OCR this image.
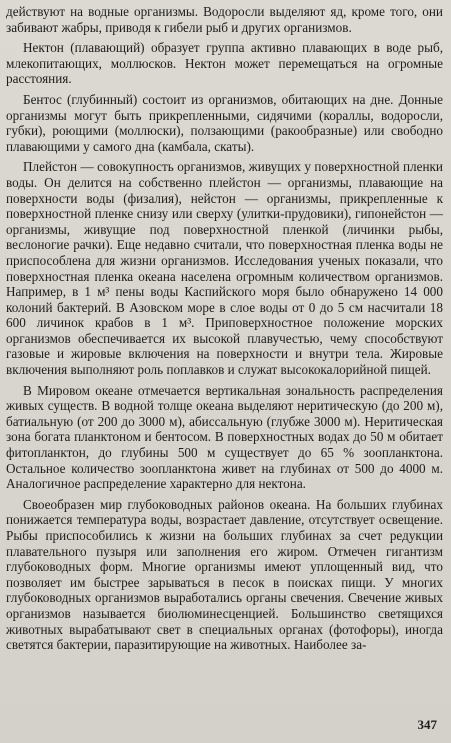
действуют на водные организмы. Водоросли выделяют яд, кроме того, они забивают жабры, приводя к гибели рыб и других организмов.

Нектон (плавающий) образует группа активно плавающих в воде рыб, млекопитающих, моллюсков. Нектон может перемещаться на огромные расстояния.

Бентос (глубинный) состоит из организмов, обитающих на дне. Донные организмы могут быть прикрепленными, сидячими (кораллы, водоросли, губки), роющими (моллюски), ползающими (ракообразные) или свободно плавающими у самого дна (камбала, скаты).

Плейстон — совокупность организмов, живущих у поверхностной пленки воды. Он делится на собственно плейстон — организмы, плавающие на поверхности воды (физалия), нейстон — организмы, прикрепленные к поверхностной пленке снизу или сверху (улитки-прудовики), гипонейстон — организмы, живущие под поверхностной пленкой (личинки рыбы, веслоногие рачки). Еще недавно считали, что поверхностная пленка воды не приспособлена для жизни организмов. Исследования ученых показали, что поверхностная пленка океана населена огромным количеством организмов. Например, в 1 м³ пены воды Каспийского моря было обнаружено 14 000 колоний бактерий. В Азовском море в слое воды от 0 до 5 см насчитали 18 600 личинок крабов в 1 м³. Приповерхностное положение морских организмов обеспечивается их высокой плавучестью, чему способствуют газовые и жировые включения на поверхности и внутри тела. Жировые включения выполняют роль поплавков и служат высококалорийной пищей.

В Мировом океане отмечается вертикальная зональность распределения живых существ. В водной толще океана выделяют неритическую (до 200 м), батиальную (от 200 до 3000 м), абиссальную (глубже 3000 м). Неритическая зона богата планктоном и бентосом. В поверхностных водах до 50 м обитает фитопланктон, до глубины 500 м существует до 65 % зоопланктона. Остальное количество зоопланктона живет на глубинах от 500 до 4000 м. Аналогичное распределение характерно для нектона.

Своеобразен мир глубоководных районов океана. На больших глубинах понижается температура воды, возрастает давление, отсутствует освещение. Рыбы приспособились к жизни на больших глубинах за счет редукции плавательного пузыря или заполнения его жиром. Отмечен гигантизм глубоководных форм. Многие организмы имеют уплощенный вид, что позволяет им быстрее зарываться в песок в поисках пищи. У многих глубоководных организмов выработались органы свечения. Свечение живых организмов называется биолюминесценцией. Большинство светящихся животных вырабатывают свет в специальных органах (фотофоры), иногда светятся бактерии, паразитирующие на животных. Наиболее за-

347
